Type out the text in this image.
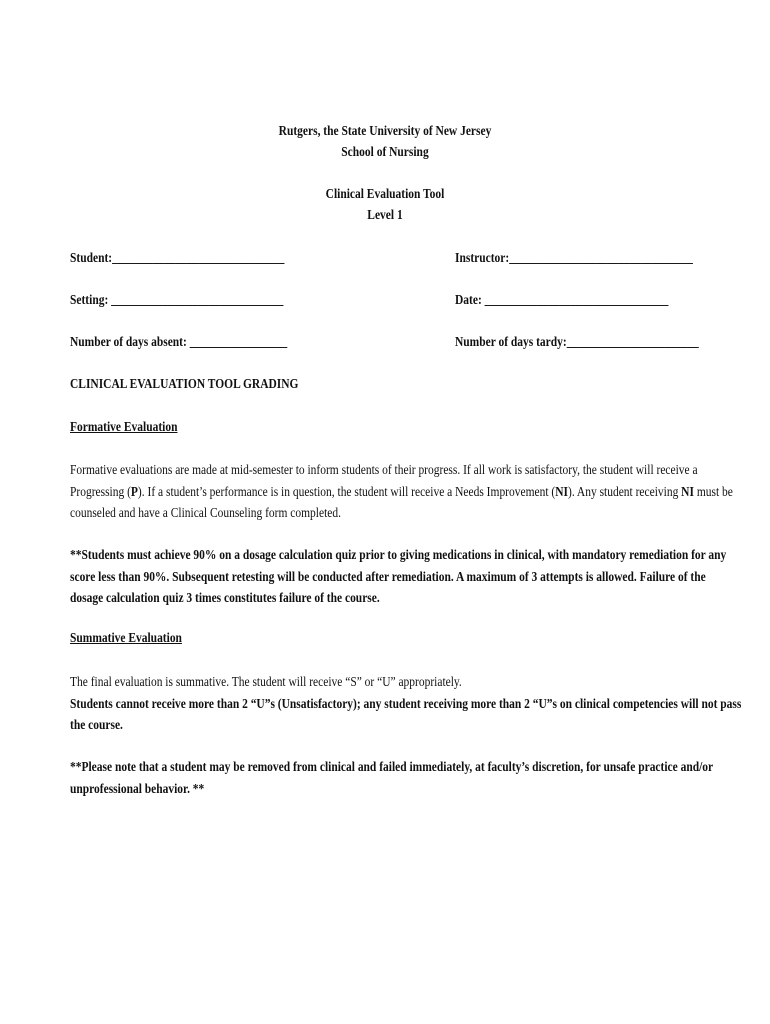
Rutgers, the State University of New Jersey
School of Nursing
Clinical Evaluation Tool
Level 1
Student:______________________________	Instructor:________________________________
Setting: ______________________________	Date: ________________________________
Number of days absent: _________________	Number of days tardy:_______________________
CLINICAL EVALUATION TOOL GRADING
Formative Evaluation
Formative evaluations are made at mid-semester to inform students of their progress. If all work is satisfactory, the student will receive a
Progressing (P). If a student’s performance is in question, the student will receive a Needs Improvement (NI). Any student receiving NI must be
counseled and have a Clinical Counseling form completed.
**Students must achieve 90% on a dosage calculation quiz prior to giving medications in clinical, with mandatory remediation for any
score less than 90%. Subsequent retesting will be conducted after remediation. A maximum of 3 attempts is allowed. Failure of the
dosage calculation quiz 3 times constitutes failure of the course.
Summative Evaluation
The final evaluation is summative. The student will receive “S” or “U” appropriately.
Students cannot receive more than 2 “U”s (Unsatisfactory); any student receiving more than 2 “U”s on clinical competencies will not pass
the course.
**Please note that a student may be removed from clinical and failed immediately, at faculty’s discretion, for unsafe practice and/or
unprofessional behavior. **
